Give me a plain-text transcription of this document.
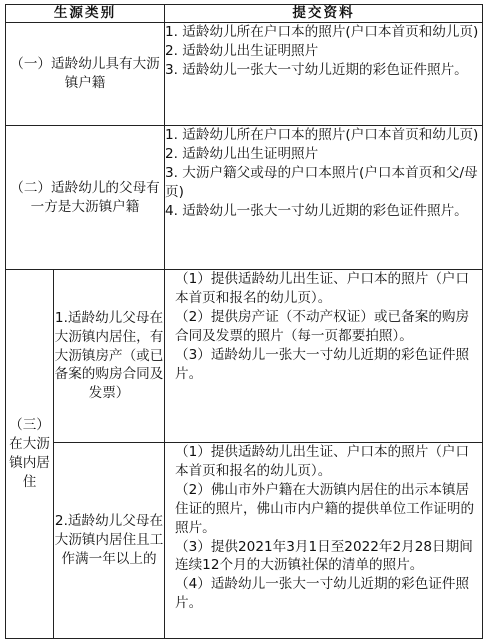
生源类别		提交资料
（一）适龄幼儿具有大沥镇户籍		1. 适龄幼儿所在户口本的照片(户口本首页和幼儿页)
2. 适龄幼儿出生证明照片
3. 适龄幼儿一张大一寸幼儿近期的彩色证件照片。

（二）适龄幼儿的父母有一方是大沥镇户籍		1. 适龄幼儿所在户口本的照片(户口本首页和幼儿页)
2. 适龄幼儿出生证明照片
3. 大沥户籍父或母的户口本照片(户口本首页和父/母页)
4. 适龄幼儿一张大一寸幼儿近期的彩色证件照片。

（三）在大沥镇内居住	1.适龄幼儿父母在大沥镇内居住，有大沥镇房产（或已备案的购房合同及发票）	（1）提供适龄幼儿出生证、户口本的照片（户口本首页和报名的幼儿页）。
（2）提供房产证（不动产权证）或已备案的购房合同及发票的照片（每一页都要拍照）。
（3）适龄幼儿一张大一寸幼儿近期的彩色证件照片。

	2.适龄幼儿父母在大沥镇内居住且工作满一年以上的	（1）提供适龄幼儿出生证、户口本的照片（户口本首页和报名的幼儿页）。
（2）佛山市外户籍在大沥镇内居住的出示本镇居住证的照片，佛山市内户籍的提供单位工作证明的照片。
（3）提供2021年3月1日至2022年2月28日期间连续12个月的大沥镇社保的清单的照片。
（4）适龄幼儿一张大一寸幼儿近期的彩色证件照片。
